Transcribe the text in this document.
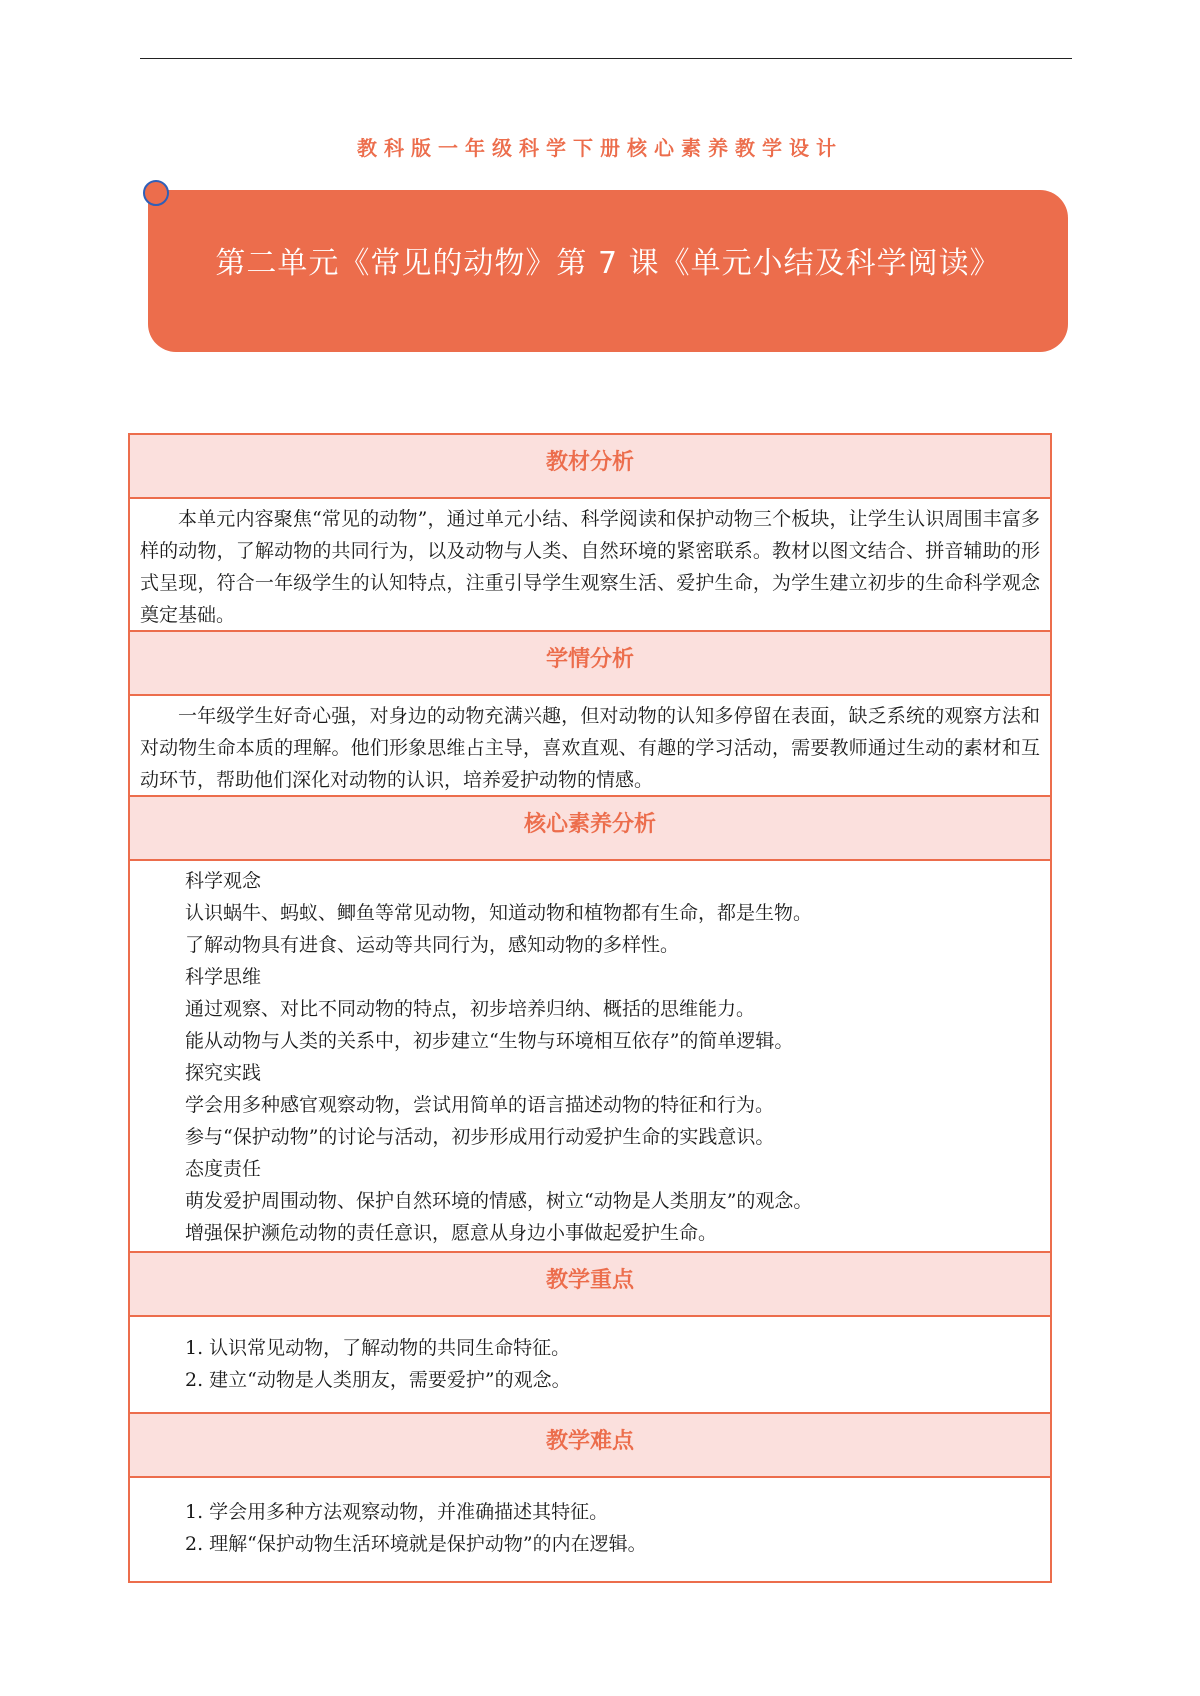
教科版一年级科学下册核心素养教学设计
第二单元《常见的动物》第 7 课《单元小结及科学阅读》
教材分析

本单元内容聚焦“常见的动物”，通过单元小结、科学阅读和保护动物三个板块，让学生认识周围丰富多样的动物，了解动物的共同行为，以及动物与人类、自然环境的紧密联系。教材以图文结合、拼音辅助的形式呈现，符合一年级学生的认知特点，注重引导学生观察生活、爱护生命，为学生建立初步的生命科学观念奠定基础。

学情分析

一年级学生好奇心强，对身边的动物充满兴趣，但对动物的认知多停留在表面，缺乏系统的观察方法和对动物生命本质的理解。他们形象思维占主导，喜欢直观、有趣的学习活动，需要教师通过生动的素材和互动环节，帮助他们深化对动物的认识，培养爱护动物的情感。

核心素养分析
科学观念
认识蜗牛、蚂蚁、鲫鱼等常见动物，知道动物和植物都有生命，都是生物。
了解动物具有进食、运动等共同行为，感知动物的多样性。
科学思维
通过观察、对比不同动物的特点，初步培养归纳、概括的思维能力。
能从动物与人类的关系中，初步建立“生物与环境相互依存”的简单逻辑。
探究实践
学会用多种感官观察动物，尝试用简单的语言描述动物的特征和行为。
参与“保护动物”的讨论与活动，初步形成用行动爱护生命的实践意识。
态度责任
萌发爱护周围动物、保护自然环境的情感，树立“动物是人类朋友”的观念。
增强保护濒危动物的责任意识，愿意从身边小事做起爱护生命。
教学重点
1. 认识常见动物，了解动物的共同生命特征。
2. 建立“动物是人类朋友，需要爱护”的观念。
教学难点
1. 学会用多种方法观察动物，并准确描述其特征。
2. 理解“保护动物生活环境就是保护动物”的内在逻辑。
